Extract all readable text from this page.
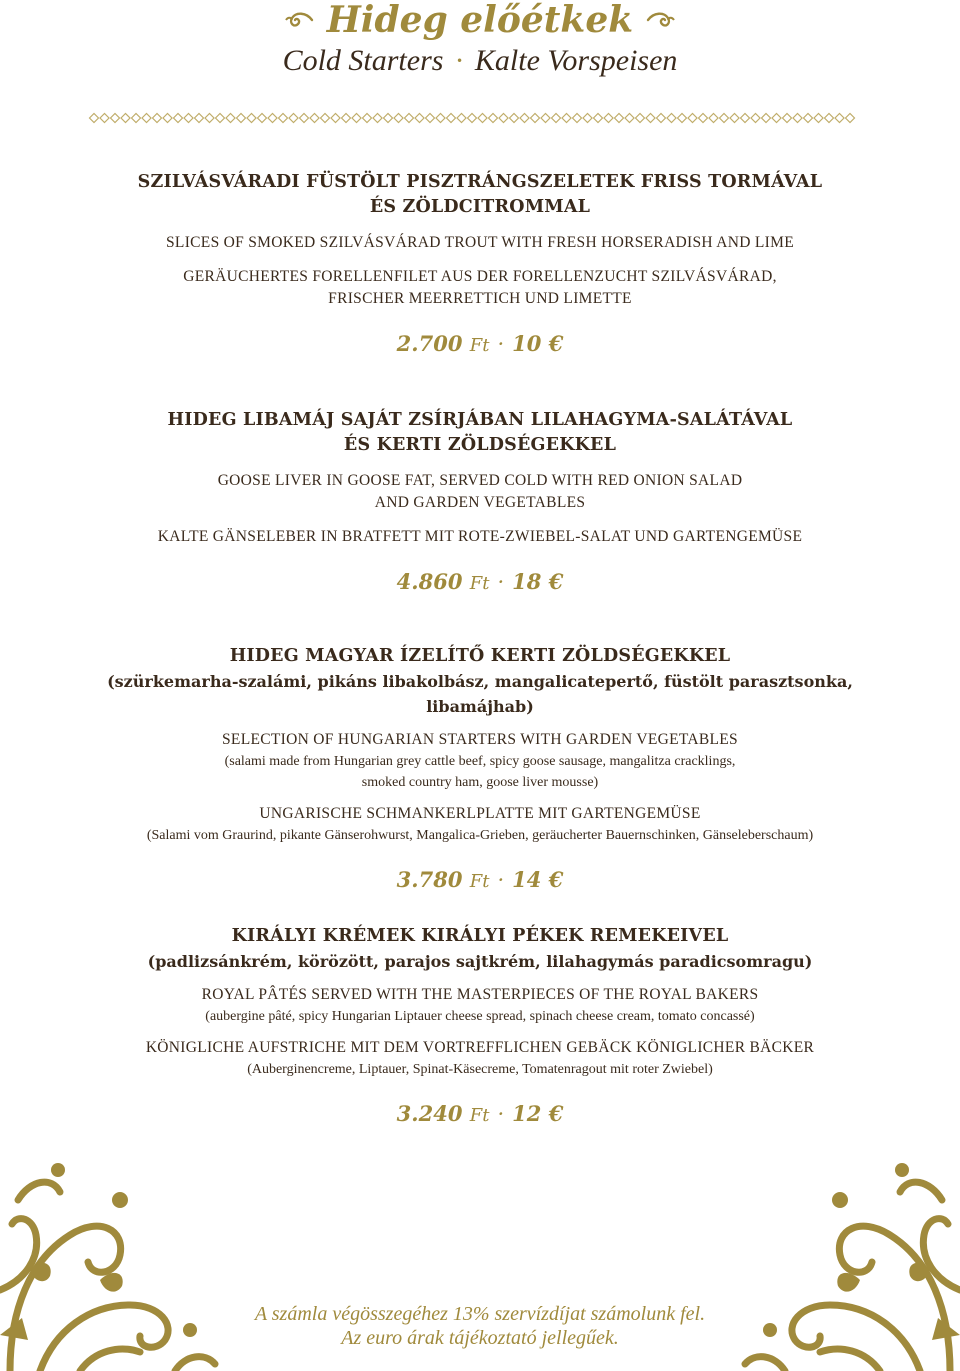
Hideg előétkek
Cold Starters · Kalte Vorspeisen
SZILVÁSVÁRADI FÜSTÖLT PISZTRÁNGSZELETEK FRISS TORMÁVAL
ÉS ZÖLDCITROMMAL
SLICES OF SMOKED SZILVÁSVÁRAD TROUT WITH FRESH HORSERADISH AND LIME
GERÄUCHERTES FORELLENFILET AUS DER FORELLENZUCHT SZILVÁSVÁRAD,
FRISCHER MEERRETTICH UND LIMETTE
2.700 Ft · 10 €
HIDEG LIBAMÁJ SAJÁT ZSÍRJÁBAN LILAHAGYMA-SALÁTÁVAL
ÉS KERTI ZÖLDSÉGEKKEL
GOOSE LIVER IN GOOSE FAT, SERVED COLD WITH RED ONION SALAD
AND GARDEN VEGETABLES
KALTE GÄNSELEBER IN BRATFETT MIT ROTE-ZWIEBEL-SALAT UND GARTENGEMÜSE
4.860 Ft · 18 €
HIDEG MAGYAR ÍZELÍTŐ KERTI ZÖLDSÉGEKKEL
(szürkemarha-szalámi, pikáns libakolbász, mangalicatepertő, füstölt parasztsonka, libamájhab)
SELECTION OF HUNGARIAN STARTERS WITH GARDEN VEGETABLES
(salami made from Hungarian grey cattle beef, spicy goose sausage, mangalitza cracklings,
smoked country ham, goose liver mousse)
UNGARISCHE SCHMANKERLPLATTE MIT GARTENGEMÜSE
(Salami vom Graurind, pikante Gänserohwurst, Mangalica-Grieben, geräucherter Bauernschinken, Gänseleberschaum)
3.780 Ft · 14 €
KIRÁLYI KRÉMEK KIRÁLYI PÉKEK REMEKEIVEL
(padlizsánkrém, körözött, parajos sajtkrém, lilahagymás paradicsomragu)
ROYAL PÂTÉS SERVED WITH THE MASTERPIECES OF THE ROYAL BAKERS
(aubergine pâté, spicy Hungarian Liptauer cheese spread, spinach cheese cream, tomato concassé)
KÖNIGLICHE AUFSTRICHE MIT DEM VORTREFFLICHEN GEBÄCK KÖNIGLICHER BÄCKER
(Auberginencreme, Liptauer, Spinat-Käsecreme, Tomatenragout mit roter Zwiebel)
3.240 Ft · 12 €
A számla végösszegéhez 13% szervízdíjat számolunk fel.
Az euro árak tájékoztató jellegűek.
